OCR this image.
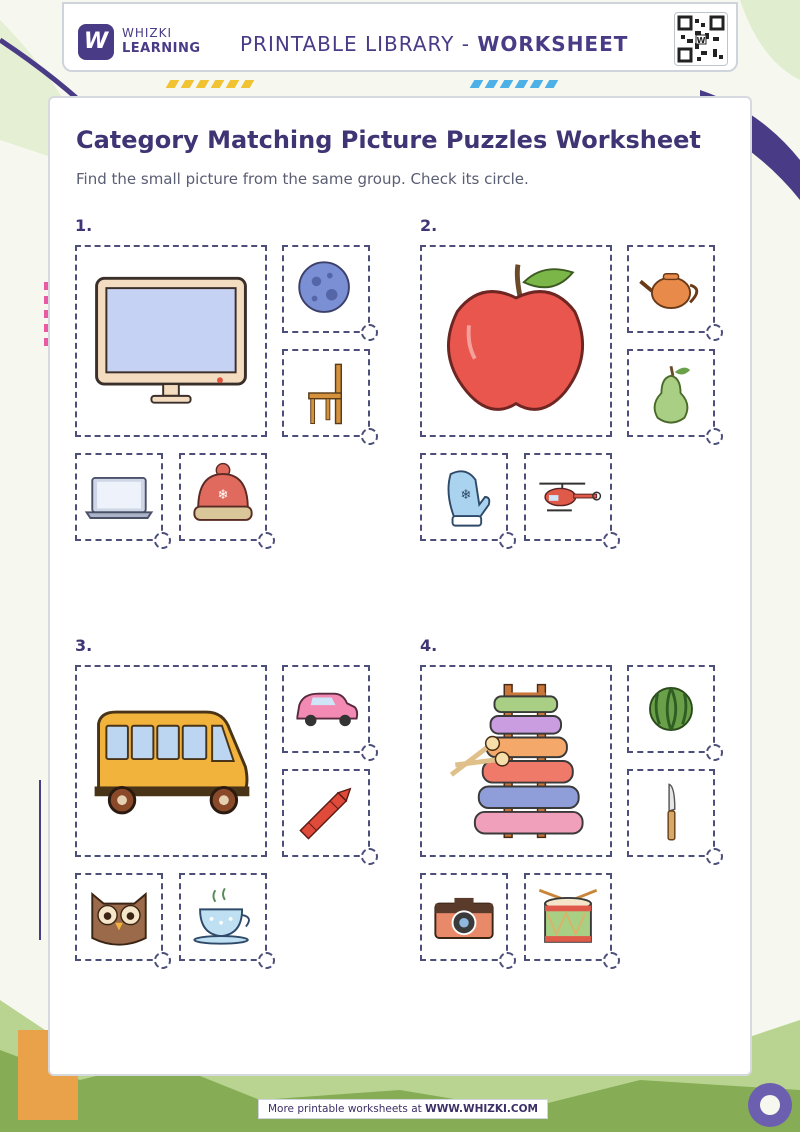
W	WHIZKI
LEARNING PRINTABLE LIBRARY - WORKSHEET	W
Category Matching Picture Puzzles Worksheet
Find the small picture from the same group. Check its circle.
1.
❄
2.
❄
3.	4.
More printable worksheets at WWW.WHIZKI.COM
